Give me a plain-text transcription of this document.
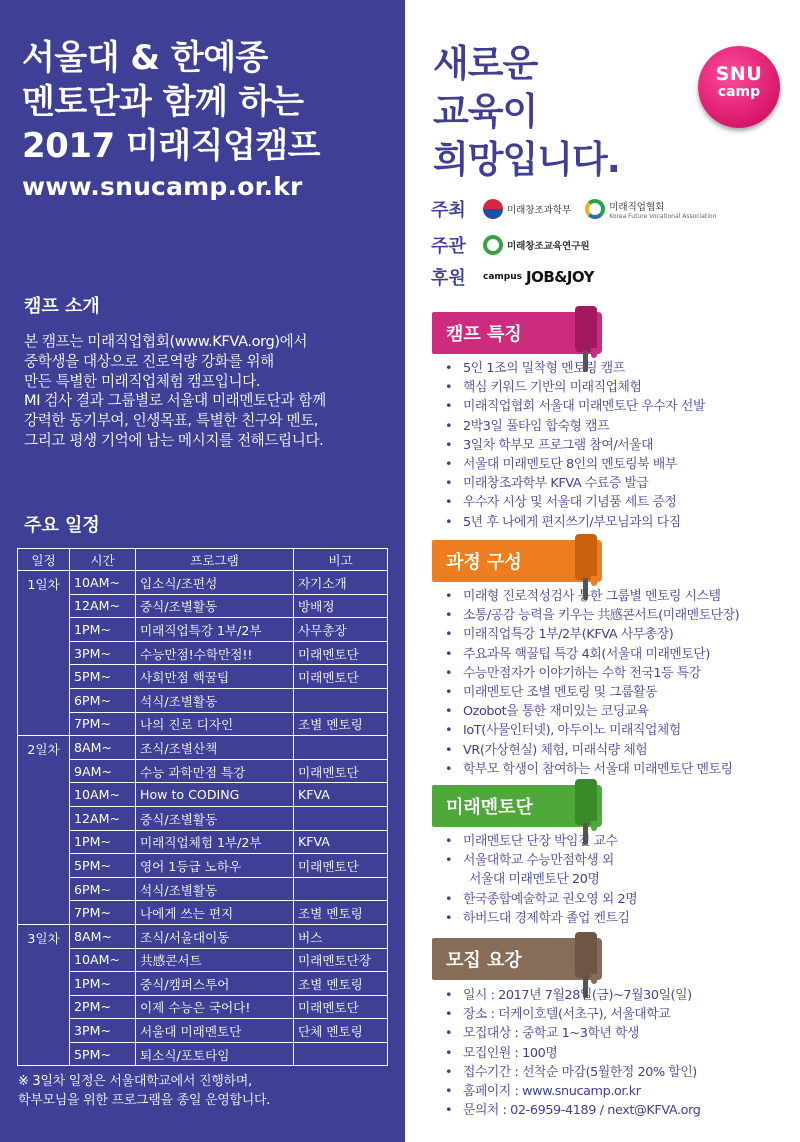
서울대 & 한예종
멘토단과 함께 하는
2017 미래직업캠프
www.snucamp.or.kr
캠프 소개
본 캠프는 미래직업협회(www.KFVA.org)에서
중학생을 대상으로 진로역량 강화를 위해
만든 특별한 미래직업체험 캠프입니다.
MI 검사 결과 그룹별로 서울대 미래멘토단과 함께
강력한 동기부여, 인생목표, 특별한 친구와 멘토,
그리고 평생 기억에 남는 메시지를 전해드립니다.
주요 일정
일정	시간	프로그램	비고
1일차	10AM~	입소식/조편성	자기소개
	12AM~	중식/조별활동	방배정
	1PM~	미래직업특강 1부/2부	사무총장
	3PM~	수능만점!수학만점!!	미래멘토단
	5PM~	사회만점 핵꿀팁	미래멘토단
	6PM~	석식/조별활동	
	7PM~	나의 진로 디자인	조별 멘토링
2일차	8AM~	조식/조별산책	
	9AM~	수능 과학만점 특강	미래멘토단
	10AM~	How to CODING	KFVA
	12AM~	중식/조별활동	
	1PM~	미래직업체험 1부/2부	KFVA
	5PM~	영어 1등급 노하우	미래멘토단
	6PM~	석식/조별활동	
	7PM~	나에게 쓰는 편지	조별 멘토링
3일차	8AM~	조식/서울대이동	버스
	10AM~	共感콘서트	미래멘토단장
	1PM~	중식/캠퍼스투어	조별 멘토링
	2PM~	이제 수능은 국어다!	미래멘토단
	3PM~	서울대 미래멘토단	단체 멘토링
	5PM~	퇴소식/포토타임	
※ 3일차 일정은 서울대학교에서 진행하며,
학부모님을 위한 프로그램을 종일 운영합니다.
새로운
교육이
희망입니다.
SNU
camp
주최	미래창조과학부	미래직업협회
Korea Future Vocational Association
주관	미래창조교육연구원
후원	campus JOB&JOY
캠프 특징
• 5인 1조의 밀착형 멘토링 캠프
• 핵심 키워드 기반의 미래직업체험
• 미래직업협회 서울대 미래멘토단 우수자 선발
• 2박3일 풀타임 합숙형 캠프
• 3일차 학부모 프로그램 참여/서울대
• 서울대 미래멘토단 8인의 멘토링북 배부
• 미래창조과학부 KFVA 수료증 발급
• 우수자 시상 및 서울대 기념품 세트 증정
• 5년 후 나에게 편지쓰기/부모님과의 다짐
과정 구성
• 미래형 진로적성검사 통한 그룹별 멘토링 시스템
• 소통/공감 능력을 키우는 共感콘서트(미래멘토단장)
• 미래직업특강 1부/2부(KFVA 사무총장)
• 주요과목 핵꿀팁 특강 4회(서울대 미래멘토단)
• 수능만점자가 이야기하는 수학 전국1등 특강
• 미래멘토단 조별 멘토링 및 그룹활동
• Ozobot을 통한 재미있는 코딩교육
• IoT(사물인터넷), 아두이노 미래직업체험
• VR(가상현실) 체험, 미래식량 체험
• 학부모 학생이 참여하는 서울대 미래멘토단 멘토링
미래멘토단
• 미래멘토단 단장 박임진 교수
• 서울대학교 수능만점학생 외
서울대 미래멘토단 20명
• 한국종합예술학교 권오영 외 2명
• 하버드대 경제학과 졸업 켄트김
모집 요강
• 일시 : 2017년 7월28일(금)~7월30일(일)
• 장소 : 더케이호텔(서초구), 서울대학교
• 모집대상 : 중학교 1~3학년 학생
• 모집인원 : 100명
• 접수기간 : 선착순 마감(5월한정 20% 할인)
• 홈페이지 : www.snucamp.or.kr
• 문의처 : 02-6959-4189 / next@KFVA.org
